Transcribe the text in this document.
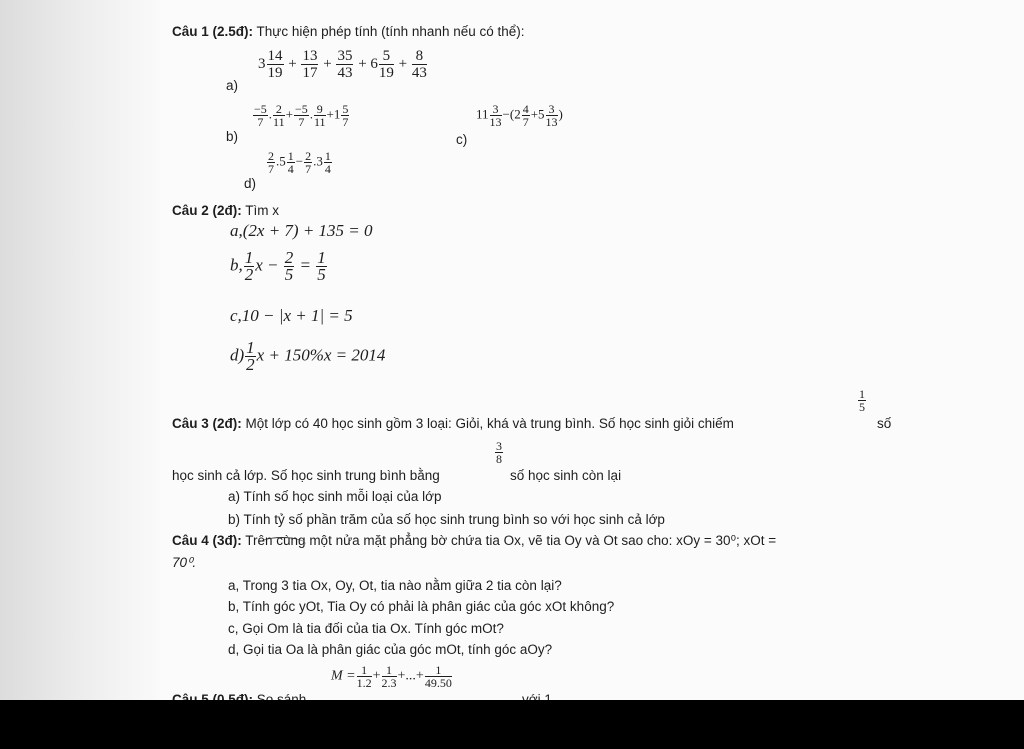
Câu 1 (2.5đ): Thực hiện phép tính (tính nhanh nếu có thể):
a)
$3 \frac{14}{19} + \frac{13}{17} + \frac{35}{43} + 6 \frac{5}{19} + \frac{8}{43}$
b)
$\frac{-5}{7}$ . $\frac{2}{11} + \frac{-5}{7}$ . $\frac{9}{11} +1 \frac{5}{7}$
c)
$11 \frac{3}{13} -(2 \frac{4}{7} +5 \frac{3}{13}$ )
d)
$\frac{2}{7} .5 \frac{1}{4} - \frac{2}{7} .3 \frac{1}{4}$
Câu 2 (2đ): Tìm x
a,(2x + 7) + 135 = 0
b, $\frac{1}{2}$ $x - \frac{2}{5} = \frac{1}{5}$
c,10 − |x + 1| = 5
$d) \frac{1}{2}$ x + 150%x = 2014
Câu 3 (2đ): Một lớp có 40 học sinh gồm 3 loại: Giỏi, khá và trung bình. Số học sinh giỏi chiếm
$\frac{1}{5}$
số
học sinh cả lớp. Số học sinh trung bình bằng
$\frac{3}{8}$
số học sinh còn lại
a) Tính số học sinh mỗi loại của lớp
b) Tính tỷ số phần trăm của số học sinh trung bình so với học sinh cả lớp
Câu 4 (3đ): Trên cùng một nửa mặt phẳng bờ chứa tia Ox, vẽ tia Oy và Ot sao cho: xOy = 30⁰; xOt =
70⁰.
a, Trong 3 tia Ox, Oy, Ot, tia nào nằm giữa 2 tia còn lại?
b, Tính góc yOt, Tia Oy có phải là phân giác của góc xOt không?
c, Gọi Om là tia đối của tia Ox. Tính góc mOt?
d, Gọi tia Oa là phân giác của góc mOt, tính góc aOy?
$M = \frac{1}{1.2} + \frac{1}{2.3}$ +...+ $\frac{1}{49.50}$
